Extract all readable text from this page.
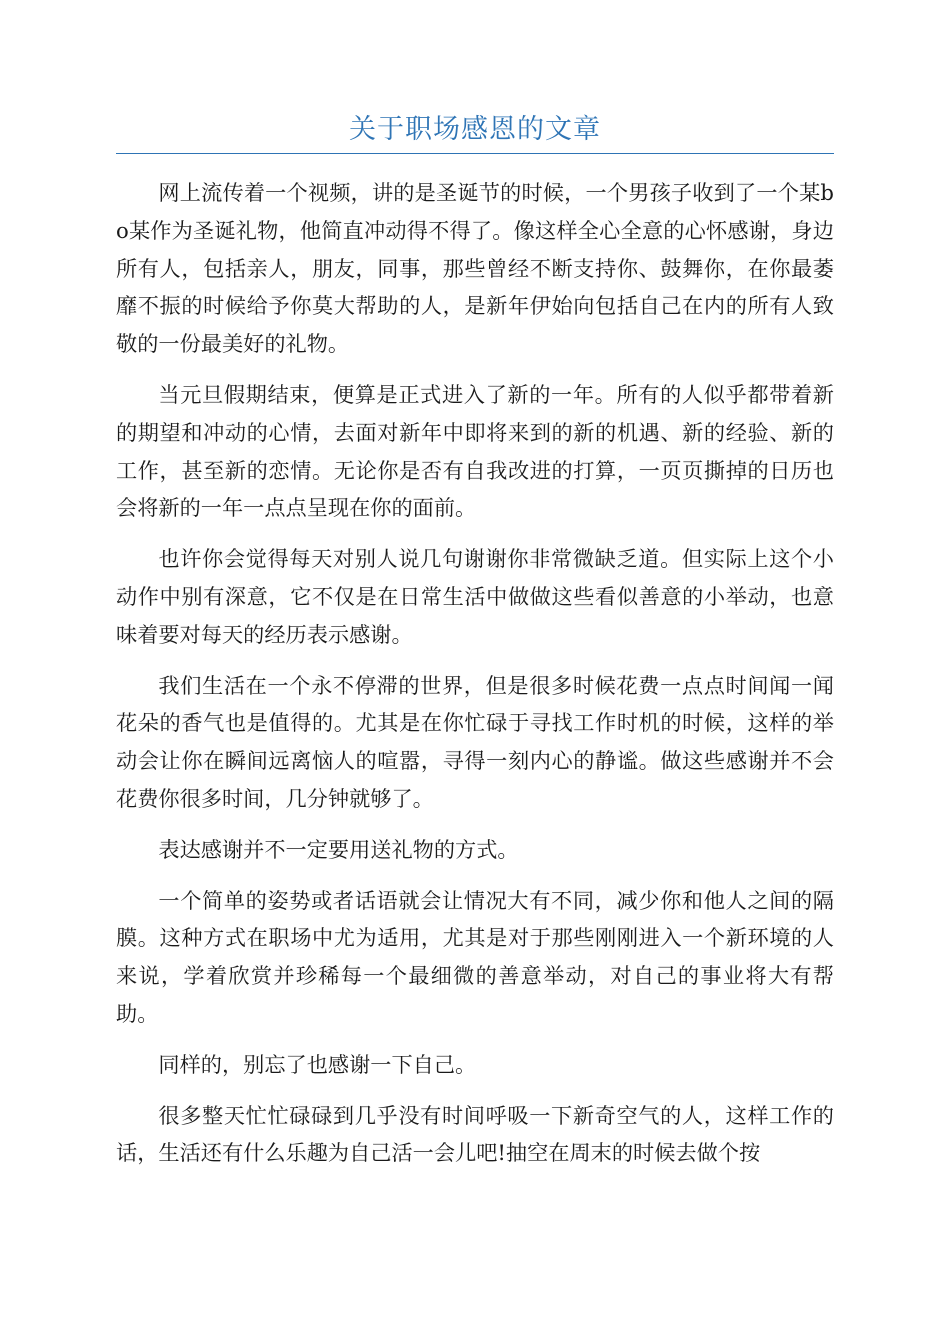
关于职场感恩的文章

网上流传着一个视频，讲的是圣诞节的时候，一个男孩子收到了一个某bo某作为圣诞礼物，他简直冲动得不得了。像这样全心全意的心怀感谢，身边所有人，包括亲人，朋友，同事，那些曾经不断支持你、鼓舞你，在你最萎靡不振的时候给予你莫大帮助的人，是新年伊始向包括自己在内的所有人致敬的一份最美好的礼物。

当元旦假期结束，便算是正式进入了新的一年。所有的人似乎都带着新的期望和冲动的心情，去面对新年中即将来到的新的机遇、新的经验、新的工作，甚至新的恋情。无论你是否有自我改进的打算，一页页撕掉的日历也会将新的一年一点点呈现在你的面前。

也许你会觉得每天对别人说几句谢谢你非常微缺乏道。但实际上这个小动作中别有深意，它不仅是在日常生活中做做这些看似善意的小举动，也意味着要对每天的经历表示感谢。

我们生活在一个永不停滞的世界，但是很多时候花费一点点时间闻一闻花朵的香气也是值得的。尤其是在你忙碌于寻找工作时机的时候，这样的举动会让你在瞬间远离恼人的喧嚣，寻得一刻内心的静谧。做这些感谢并不会花费你很多时间，几分钟就够了。

表达感谢并不一定要用送礼物的方式。

一个简单的姿势或者话语就会让情况大有不同，减少你和他人之间的隔膜。这种方式在职场中尤为适用，尤其是对于那些刚刚进入一个新环境的人来说，学着欣赏并珍稀每一个最细微的善意举动，对自己的事业将大有帮助。

同样的，别忘了也感谢一下自己。

很多整天忙忙碌碌到几乎没有时间呼吸一下新奇空气的人，这样工作的话，生活还有什么乐趣为自己活一会儿吧!抽空在周末的时候去做个按
